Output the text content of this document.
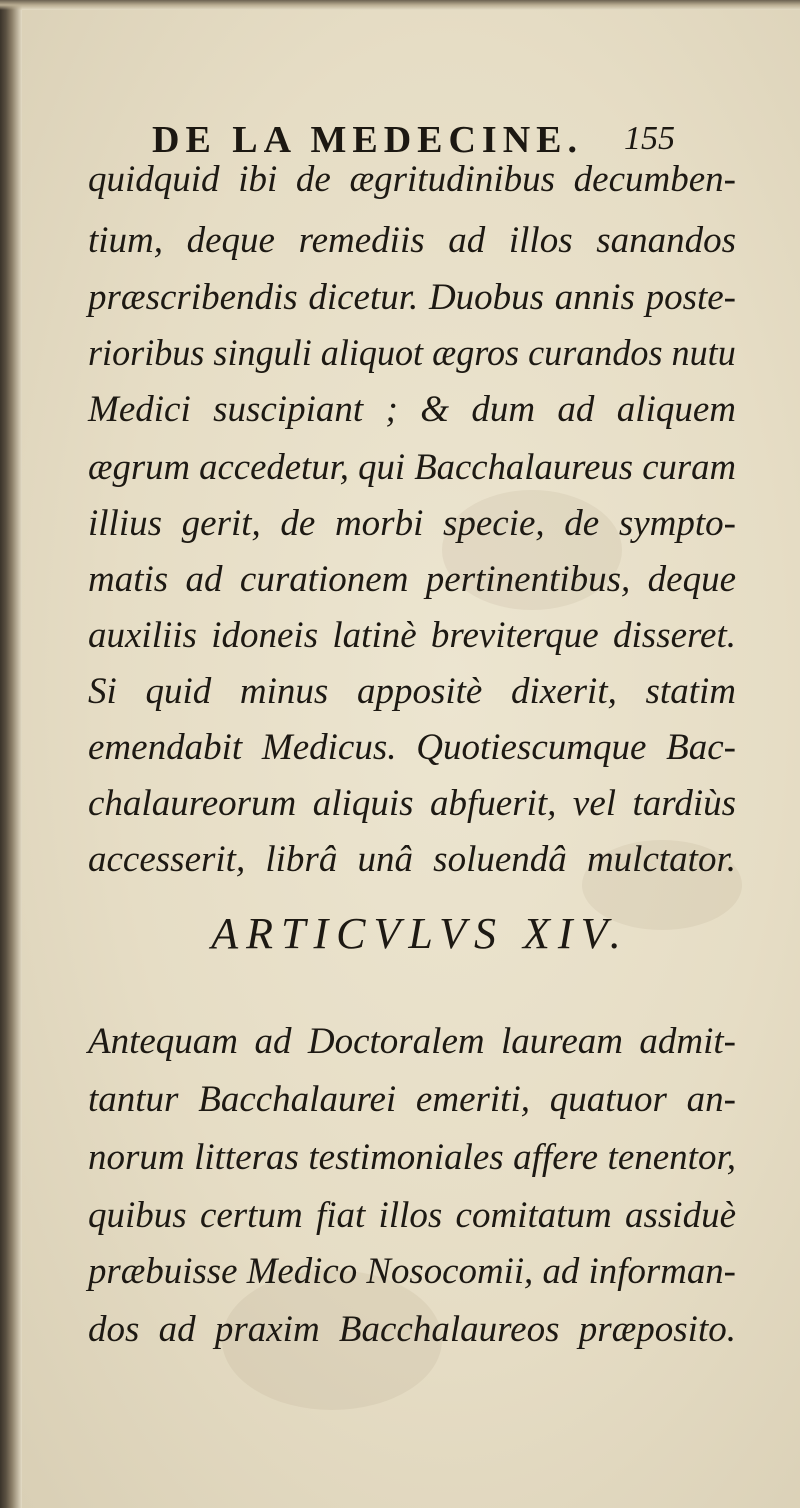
DE LA MEDECINE. 155
quidquid ibi de ægritudinibus decumben-
tium, deque remediis ad illos sanandos
præscribendis dicetur. Duobus annis poste-
rioribus singuli aliquot ægros curandos nutu
Medici suscipiant ; & dum ad aliquem
ægrum accedetur, qui Bacchalaureus curam
illius gerit, de morbi specie, de sympto-
matis ad curationem pertinentibus, deque
auxiliis idoneis latinè breviterque disseret.
Si quid minus appositè dixerit, statim
emendabit Medicus. Quotiescumque Bac-
chalaureorum aliquis abfuerit, vel tardiùs
accesserit, librâ unâ soluendâ mulctator.
ARTICVLVS XIV.
Antequam ad Doctoralem lauream admit-
tantur Bacchalaurei emeriti, quatuor an-
norum litteras testimoniales affere tenentor,
quibus certum fiat illos comitatum assiduè
præbuisse Medico Nosocomii, ad informan-
dos ad praxim Bacchalaureos præposito.
